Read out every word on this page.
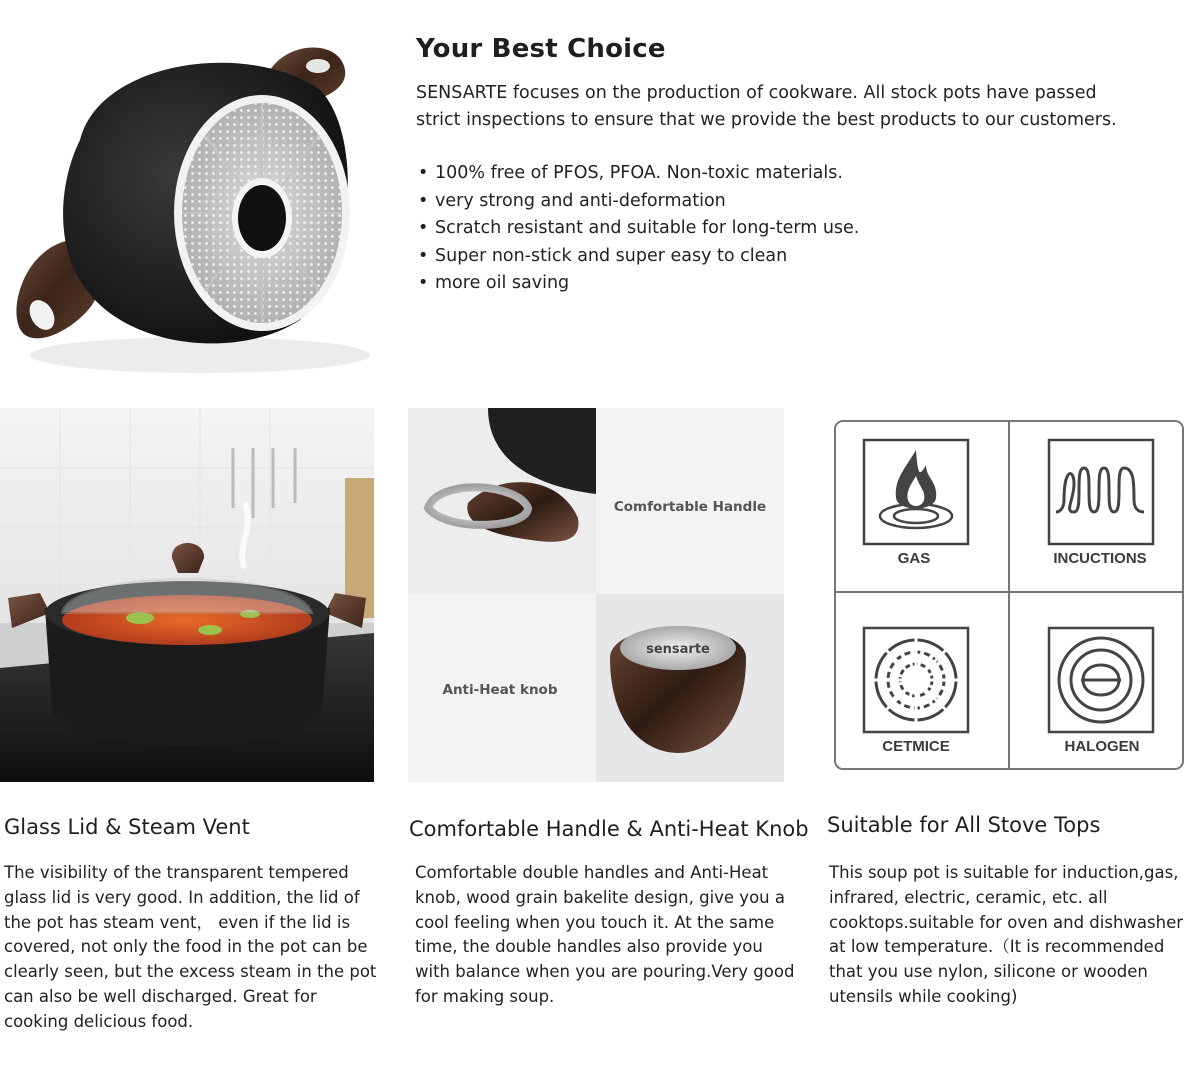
Your Best Choice
SENSARTE focuses on the production of cookware. All stock pots have passed strict inspections to ensure that we provide the best products to our customers.
• 100% free of PFOS, PFOA. Non-toxic materials.
• very strong and anti-deformation
• Scratch resistant and suitable for long-term use.
• Super non-stick and super easy to clean
• more oil saving
Comfortable Handle
Anti-Heat knob
sensarte
GAS	INCUCTIONS
CETMICE	HALOGEN
Glass Lid & Steam Vent
The visibility of the transparent tempered glass lid is very good. In addition, the lid of the pot has steam vent， even if the lid is covered, not only the food in the pot can be clearly seen, but the excess steam in the pot can also be well discharged. Great for cooking delicious food.
Comfortable Handle & Anti-Heat Knob
Comfortable double handles and Anti-Heat knob, wood grain bakelite design, give you a cool feeling when you touch it. At the same time, the double handles also provide you with balance when you are pouring.Very good for making soup.
Suitable for All Stove Tops
This soup pot is suitable for induction,gas, infrared, electric, ceramic, etc. all cooktops.suitable for oven and dishwasher at low temperature.（It is recommended that you use nylon, silicone or wooden utensils while cooking)
